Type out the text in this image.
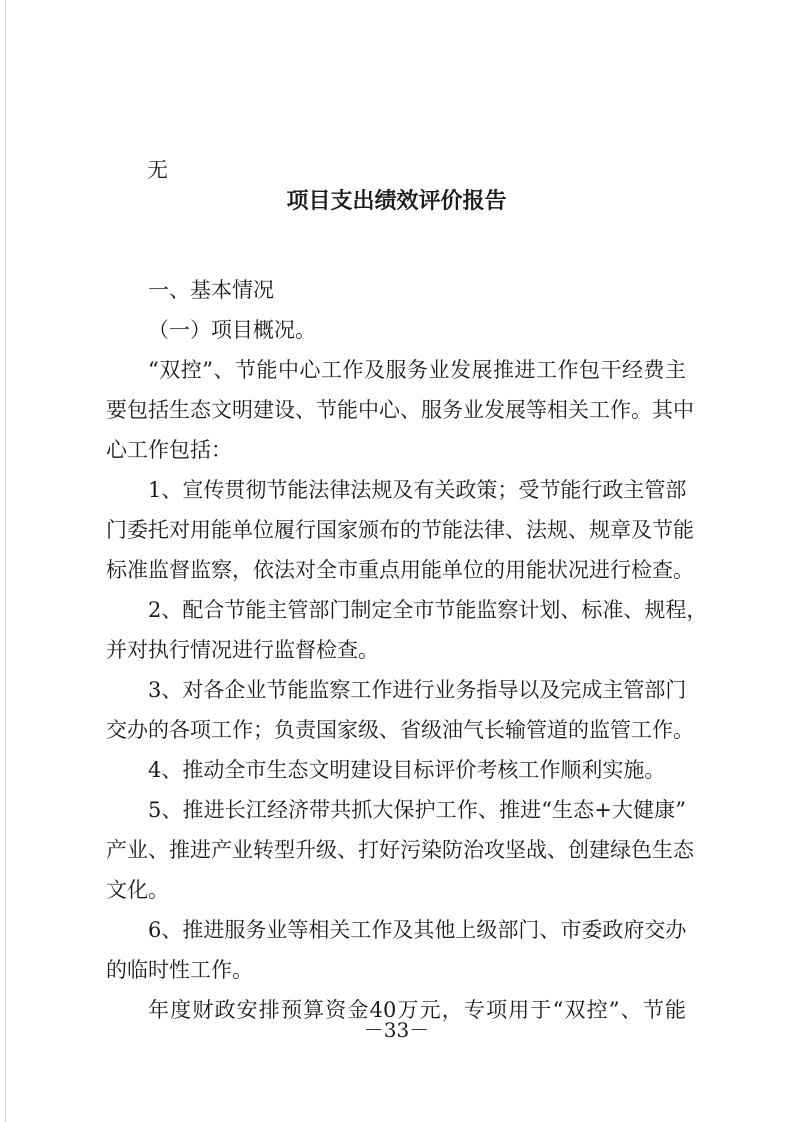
无
项目支出绩效评价报告
一、基本情况
（一）项目概况。
“双控”、节能中心工作及服务业发展推进工作包干经费主
要包括生态文明建设、节能中心、服务业发展等相关工作。其中
心工作包括：
1、宣传贯彻节能法律法规及有关政策；受节能行政主管部
门委托对用能单位履行国家颁布的节能法律、法规、规章及节能
标准监督监察，依法对全市重点用能单位的用能状况进行检查。
2、配合节能主管部门制定全市节能监察计划、标准、规程，
并对执行情况进行监督检查。
3、对各企业节能监察工作进行业务指导以及完成主管部门
交办的各项工作；负责国家级、省级油气长输管道的监管工作。
4、推动全市生态文明建设目标评价考核工作顺利实施。
5、推进长江经济带共抓大保护工作、推进“生态+大健康”
产业、推进产业转型升级、打好污染防治攻坚战、创建绿色生态
文化。
6、推进服务业等相关工作及其他上级部门、市委政府交办
的临时性工作。
年度财政安排预算资金40万元，专项用于“双控”、节能
－33－
